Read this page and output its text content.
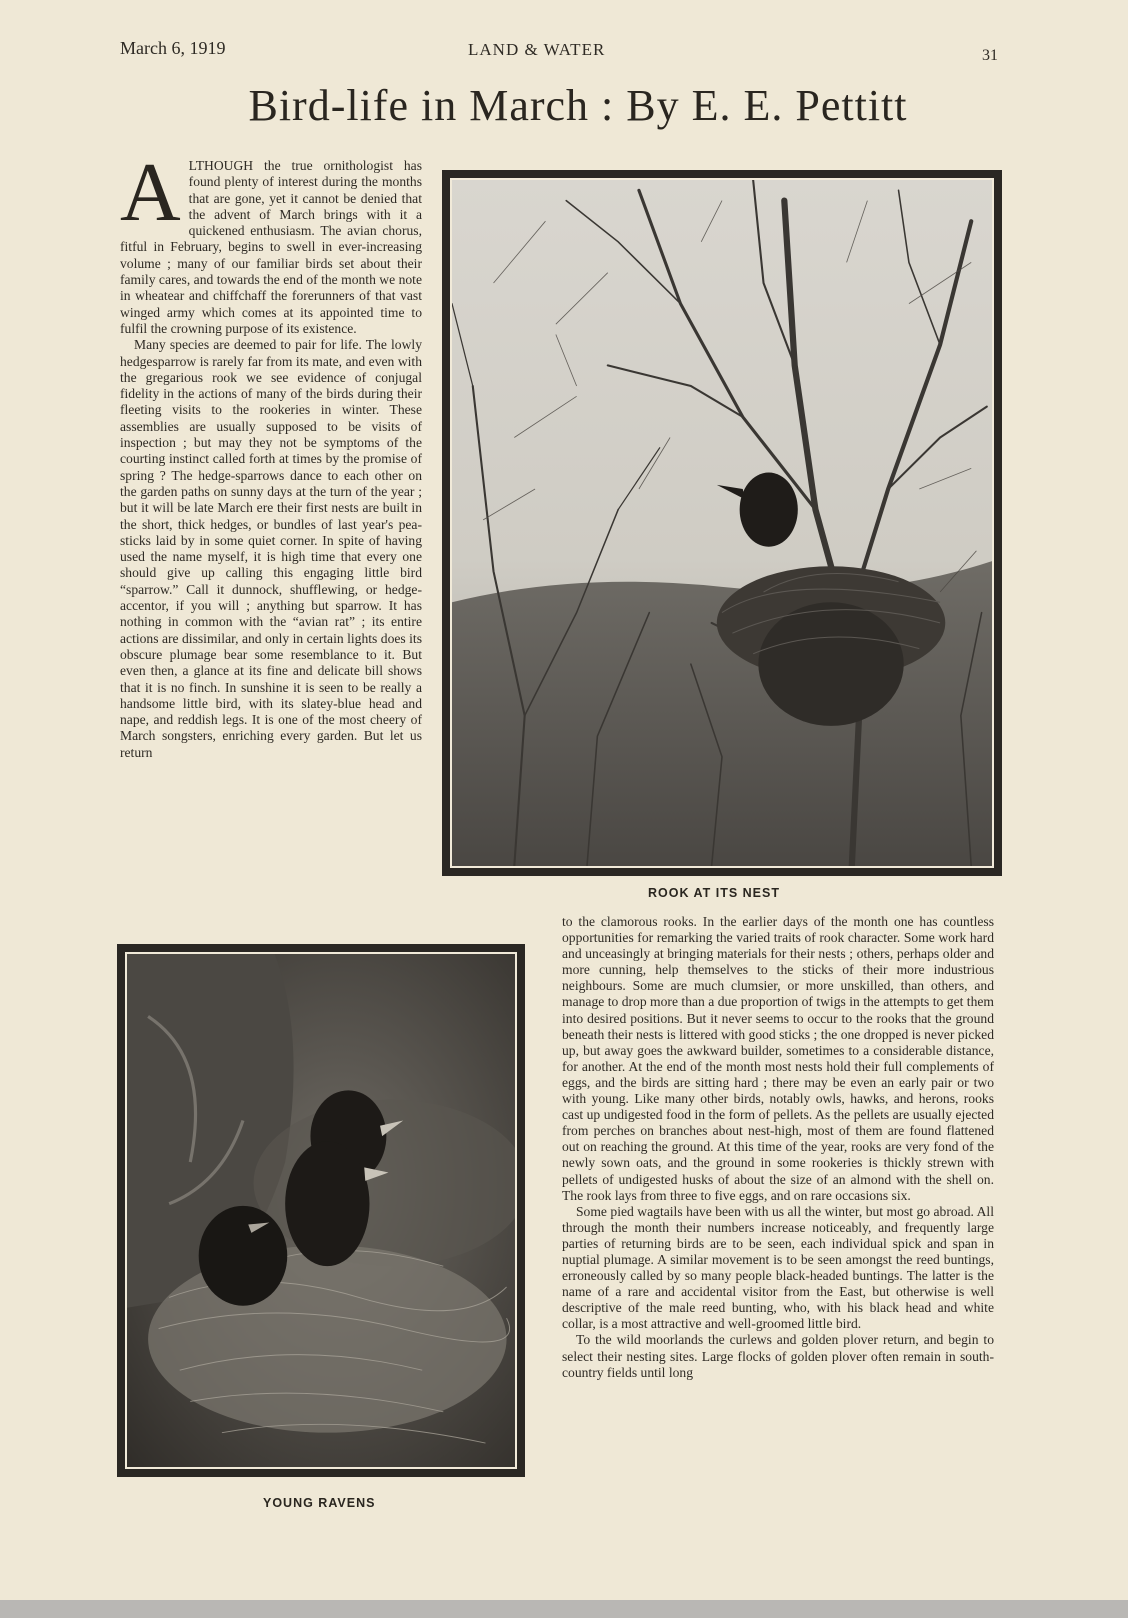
March 6, 1919	LAND & WATER	31
Bird-life in March : By E. E. Pettitt

ALTHOUGH the true ornithologist has found plenty of interest during the months that are gone, yet it cannot be denied that the advent of March brings with it a quickened enthusiasm. The avian chorus, fitful in February, begins to swell in ever-increasing volume ; many of our familiar birds set about their family cares, and towards the end of the month we note in wheatear and chiffchaff the forerunners of that vast winged army which comes at its appointed time to fulfil the crowning purpose of its existence.

Many species are deemed to pair for life. The lowly hedgesparrow is rarely far from its mate, and even with the gregarious rook we see evidence of conjugal fidelity in the actions of many of the birds during their fleeting visits to the rookeries in winter. These assemblies are usually supposed to be visits of inspection ; but may they not be symptoms of the courting instinct called forth at times by the promise of spring ? The hedge-sparrows dance to each other on the garden paths on sunny days at the turn of the year ; but it will be late March ere their first nests are built in the short, thick hedges, or bundles of last year's pea-sticks laid by in some quiet corner. In spite of having used the name myself, it is high time that every one should give up calling this engaging little bird “sparrow.” Call it dunnock, shufflewing, or hedge-accentor, if you will ; anything but sparrow. It has nothing in common with the “avian rat” ; its entire actions are dissimilar, and only in certain lights does its obscure plumage bear some resemblance to it. But even then, a glance at its fine and delicate bill shows that it is no finch. In sunshine it is seen to be really a handsome little bird, with its slatey-blue head and nape, and reddish legs. It is one of the most cheery of March songsters, enriching every garden. But let us return

ROOK AT ITS NEST
YOUNG RAVENS

to the clamorous rooks. In the earlier days of the month one has countless opportunities for remarking the varied traits of rook character. Some work hard and unceasingly at bringing materials for their nests ; others, perhaps older and more cunning, help themselves to the sticks of their more industrious neighbours. Some are much clumsier, or more unskilled, than others, and manage to drop more than a due proportion of twigs in the attempts to get them into desired positions. But it never seems to occur to the rooks that the ground beneath their nests is littered with good sticks ; the one dropped is never picked up, but away goes the awkward builder, sometimes to a considerable distance, for another. At the end of the month most nests hold their full complements of eggs, and the birds are sitting hard ; there may be even an early pair or two with young. Like many other birds, notably owls, hawks, and herons, rooks cast up undigested food in the form of pellets. As the pellets are usually ejected from perches on branches about nest-high, most of them are found flattened out on reaching the ground. At this time of the year, rooks are very fond of the newly sown oats, and the ground in some rookeries is thickly strewn with pellets of undigested husks of about the size of an almond with the shell on. The rook lays from three to five eggs, and on rare occasions six.

Some pied wagtails have been with us all the winter, but most go abroad. All through the month their numbers increase noticeably, and frequently large parties of returning birds are to be seen, each individual spick and span in nuptial plumage. A similar movement is to be seen amongst the reed buntings, erroneously called by so many people black-headed buntings. The latter is the name of a rare and accidental visitor from the East, but otherwise is well descriptive of the male reed bunting, who, with his black head and white collar, is a most attractive and well-groomed little bird.

To the wild moorlands the curlews and golden plover return, and begin to select their nesting sites. Large flocks of golden plover often remain in south-country fields until long
